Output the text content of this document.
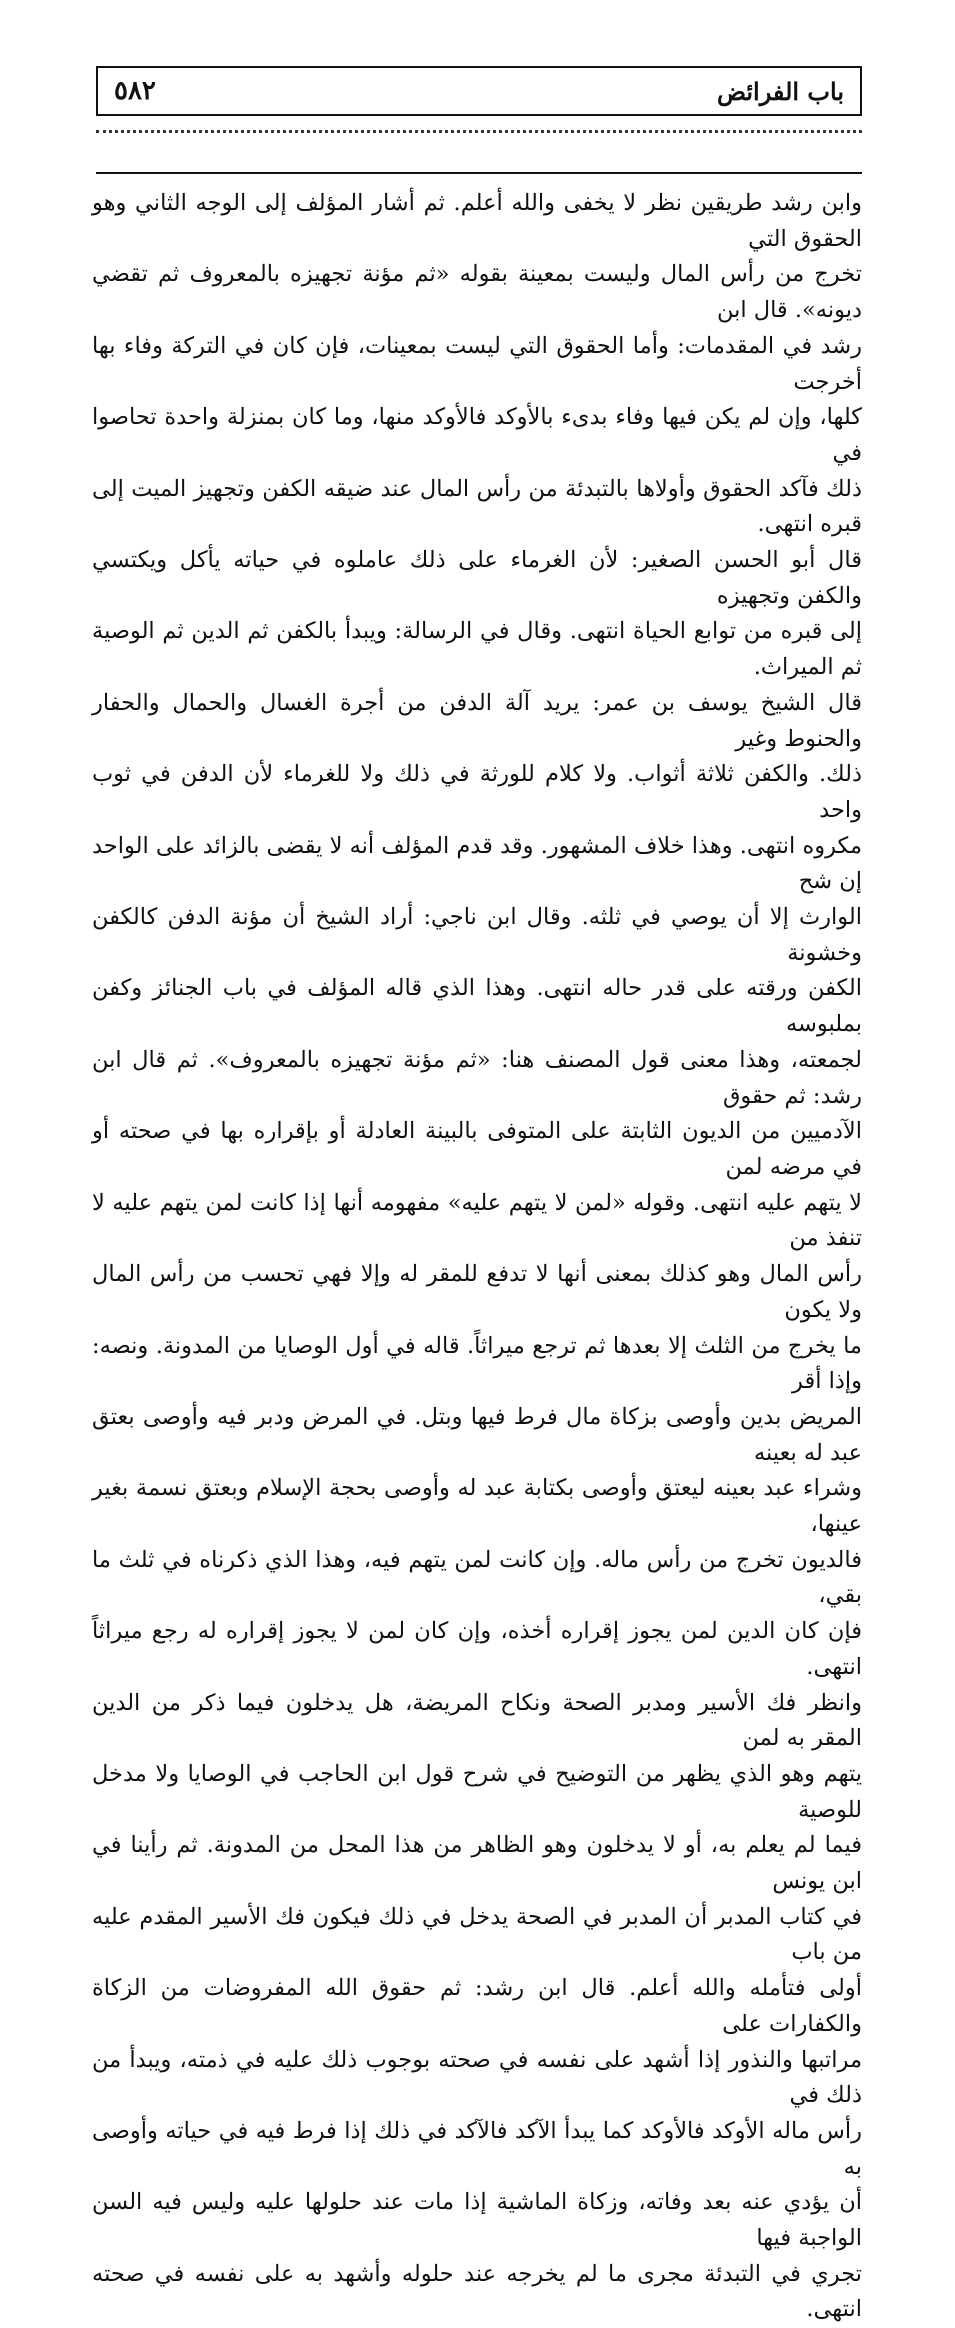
٥٨٢	باب الفرائض
وابن رشد طريقين نظر لا يخفى والله أعلم. ثم أشار المؤلف إلى الوجه الثاني وهو الحقوق التي
تخرج من رأس المال وليست بمعينة بقوله «ثم مؤنة تجهيزه بالمعروف ثم تقضي ديونه». قال ابن
رشد في المقدمات: وأما الحقوق التي ليست بمعينات، فإن كان في التركة وفاء بها أخرجت
كلها، وإن لم يكن فيها وفاء بدىء بالأوكد فالأوكد منها، وما كان بمنزلة واحدة تحاصوا في
ذلك فآكد الحقوق وأولاها بالتبدئة من رأس المال عند ضيقه الكفن وتجهيز الميت إلى قبره انتهى.
قال أبو الحسن الصغير: لأن الغرماء على ذلك عاملوه في حياته يأكل ويكتسي والكفن وتجهيزه
إلى قبره من توابع الحياة انتهى. وقال في الرسالة: ويبدأ بالكفن ثم الدين ثم الوصية ثم الميراث.
قال الشيخ يوسف بن عمر: يريد آلة الدفن من أجرة الغسال والحمال والحفار والحنوط وغير
ذلك. والكفن ثلاثة أثواب. ولا كلام للورثة في ذلك ولا للغرماء لأن الدفن في ثوب واحد
مكروه انتهى. وهذا خلاف المشهور. وقد قدم المؤلف أنه لا يقضى بالزائد على الواحد إن شح
الوارث إلا أن يوصي في ثلثه. وقال ابن ناجي: أراد الشيخ أن مؤنة الدفن كالكفن وخشونة
الكفن ورقته على قدر حاله انتهى. وهذا الذي قاله المؤلف في باب الجنائز وكفن بملبوسه
لجمعته، وهذا معنى قول المصنف هنا: «ثم مؤنة تجهيزه بالمعروف». ثم قال ابن رشد: ثم حقوق
الآدميين من الديون الثابتة على المتوفى بالبينة العادلة أو بإقراره بها في صحته أو في مرضه لمن
لا يتهم عليه انتهى. وقوله «لمن لا يتهم عليه» مفهومه أنها إذا كانت لمن يتهم عليه لا تنفذ من
رأس المال وهو كذلك بمعنى أنها لا تدفع للمقر له وإلا فهي تحسب من رأس المال ولا يكون
ما يخرج من الثلث إلا بعدها ثم ترجع ميراثاً. قاله في أول الوصايا من المدونة. ونصه: وإذا أقر
المريض بدين وأوصى بزكاة مال فرط فيها وبتل. في المرض ودبر فيه وأوصى بعتق عبد له بعينه
وشراء عبد بعينه ليعتق وأوصى بكتابة عبد له وأوصى بحجة الإسلام وبعتق نسمة بغير عينها،
فالديون تخرج من رأس ماله. وإن كانت لمن يتهم فيه، وهذا الذي ذكرناه في ثلث ما بقي،
فإن كان الدين لمن يجوز إقراره أخذه، وإن كان لمن لا يجوز إقراره له رجع ميراثاً انتهى.
وانظر فك الأسير ومدبر الصحة ونكاح المريضة، هل يدخلون فيما ذكر من الدين المقر به لمن
يتهم وهو الذي يظهر من التوضيح في شرح قول ابن الحاجب في الوصايا ولا مدخل للوصية
فيما لم يعلم به، أو لا يدخلون وهو الظاهر من هذا المحل من المدونة. ثم رأينا في ابن يونس
في كتاب المدبر أن المدبر في الصحة يدخل في ذلك فيكون فك الأسير المقدم عليه من باب
أولى فتأمله والله أعلم. قال ابن رشد: ثم حقوق الله المفروضات من الزكاة والكفارات على
مراتبها والنذور إذا أشهد على نفسه في صحته بوجوب ذلك عليه في ذمته، ويبدأ من ذلك في
رأس ماله الأوكد فالأوكد كما يبدأ الآكد فالآكد في ذلك إذا فرط فيه في حياته وأوصى به
أن يؤدي عنه بعد وفاته، وزكاة الماشية إذا مات عند حلولها عليه وليس فيه السن الواجبة فيها
تجري في التبدئة مجرى ما لم يخرجه عند حلوله وأشهد به على نفسه في صحته انتهى.
